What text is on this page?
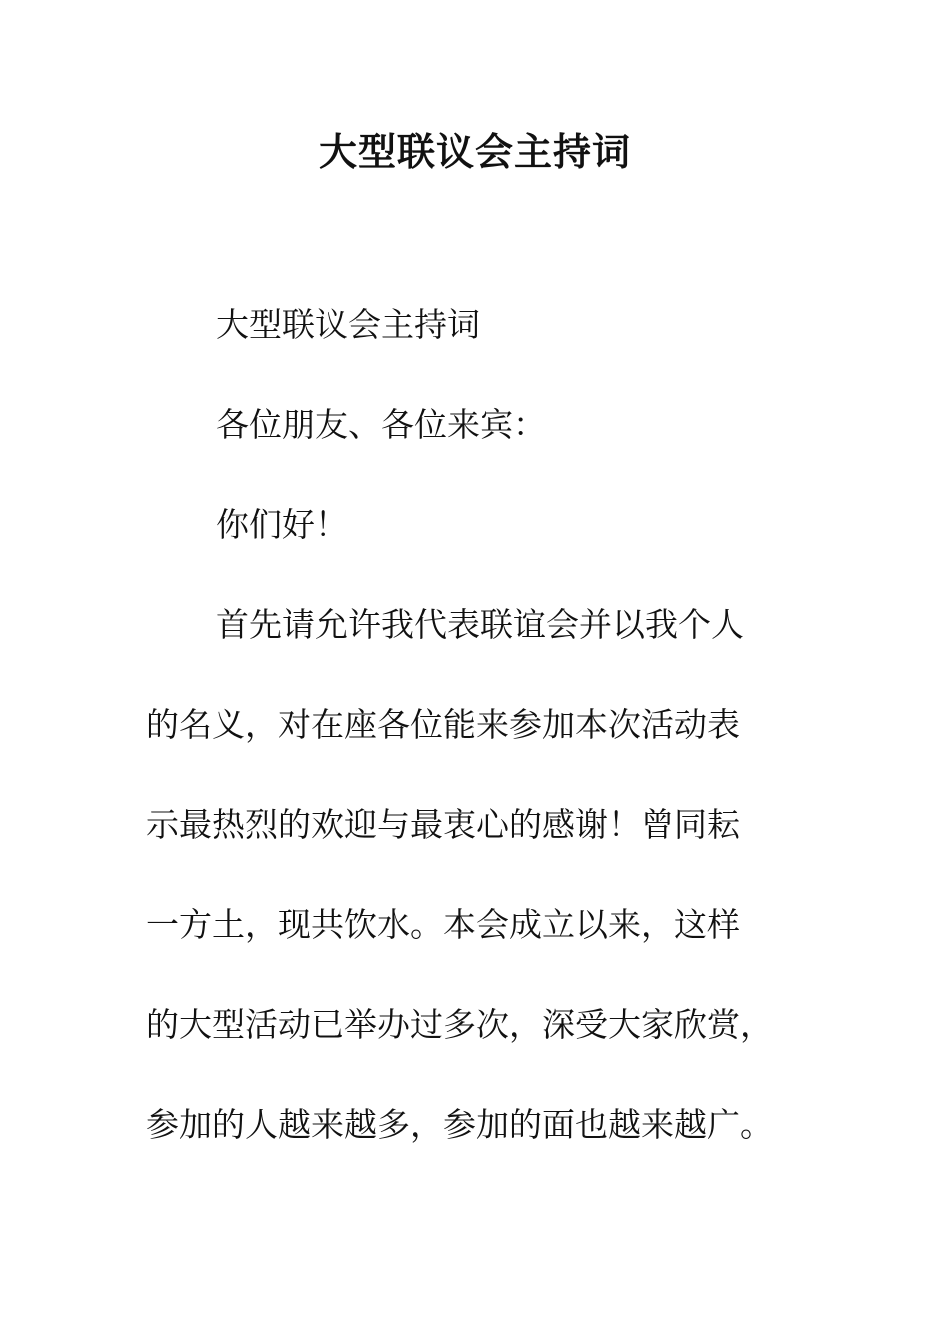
大型联议会主持词

大型联议会主持词

各位朋友、各位来宾：

你们好！

首先请允许我代表联谊会并以我个人

的名义，对在座各位能来参加本次活动表

示最热烈的欢迎与最衷心的感谢！曾同耘

一方土，现共饮水。本会成立以来，这样

的大型活动已举办过多次，深受大家欣赏，

参加的人越来越多，参加的面也越来越广。
